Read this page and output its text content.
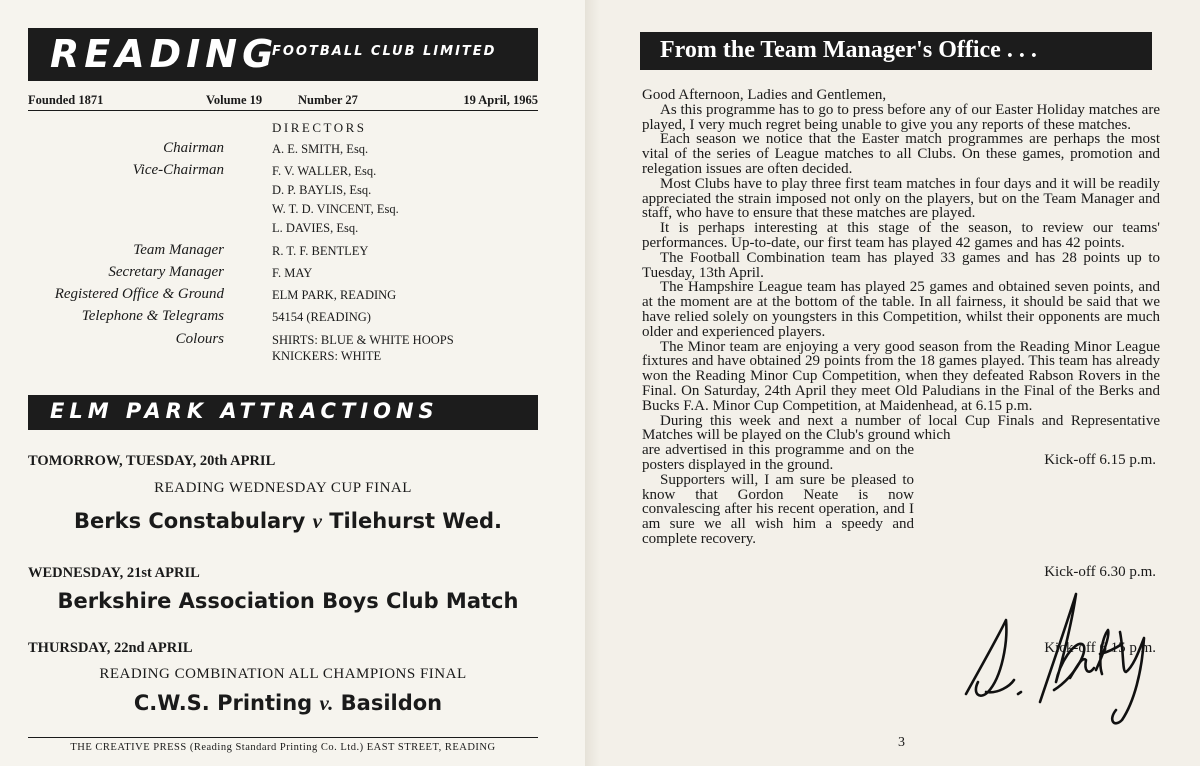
READING
FOOTBALL CLUB LIMITED
Founded 1871	Volume 19	Number 27	19 April, 1965
DIRECTORS
Chairman	A. E. SMITH, Esq.
Vice-Chairman	F. V. WALLER, Esq.
D. P. BAYLIS, Esq.
W. T. D. VINCENT, Esq.
L. DAVIES, Esq.
Team Manager	R. T. F. BENTLEY
Secretary Manager	F. MAY
Registered Office & Ground	ELM PARK, READING
Telephone & Telegrams	54154 (READING)
Colours	SHIRTS: BLUE & WHITE HOOPS
KNICKERS: WHITE
ELM PARK ATTRACTIONS
TOMORROW, TUESDAY, 20th APRIL	Kick-off 6.15 p.m.
READING WEDNESDAY CUP FINAL
Berks Constabulary v Tilehurst Wed.
WEDNESDAY, 21st APRIL	Kick-off 6.30 p.m.
Berkshire Association Boys Club Match
THURSDAY, 22nd APRIL	Kick-off 6.15 p.m.
READING COMBINATION ALL CHAMPIONS FINAL
C.W.S. Printing v. Basildon
THE CREATIVE PRESS (Reading Standard Printing Co. Ltd.) EAST STREET, READING
From the Team Manager's Office . . .

Good Afternoon, Ladies and Gentlemen,

As this programme has to go to press before any of our Easter Holiday matches are played, I very much regret being unable to give you any reports of these matches.

Each season we notice that the Easter match programmes are perhaps the most vital of the series of League matches to all Clubs. On these games, promotion and relegation issues are often decided.

Most Clubs have to play three first team matches in four days and it will be readily appreciated the strain imposed not only on the players, but on the Team Manager and staff, who have to ensure that these matches are played.

It is perhaps interesting at this stage of the season, to review our teams' performances. Up-to-date, our first team has played 42 games and has 42 points.

The Football Combination team has played 33 games and has 28 points up to Tuesday, 13th April.

The Hampshire League team has played 25 games and obtained seven points, and at the moment are at the bottom of the table. In all fairness, it should be said that we have relied solely on youngsters in this Competition, whilst their opponents are much older and experienced players.

The Minor team are enjoying a very good season from the Reading Minor League fixtures and have obtained 29 points from the 18 games played. This team has already won the Reading Minor Cup Competition, when they defeated Rabson Rovers in the Final. On Saturday, 24th April they meet Old Paludians in the Final of the Berks and Bucks F.A. Minor Cup Competition, at Maidenhead, at 6.15 p.m.

During this week and next a number of local Cup Finals and Representative Matches will be played on the Club's ground which

are advertised in this programme and on the posters displayed in the ground.

Supporters will, I am sure be pleased to know that Gordon Neate is now convalescing after his recent operation, and I am sure we all wish him a speedy and complete recovery.

3
